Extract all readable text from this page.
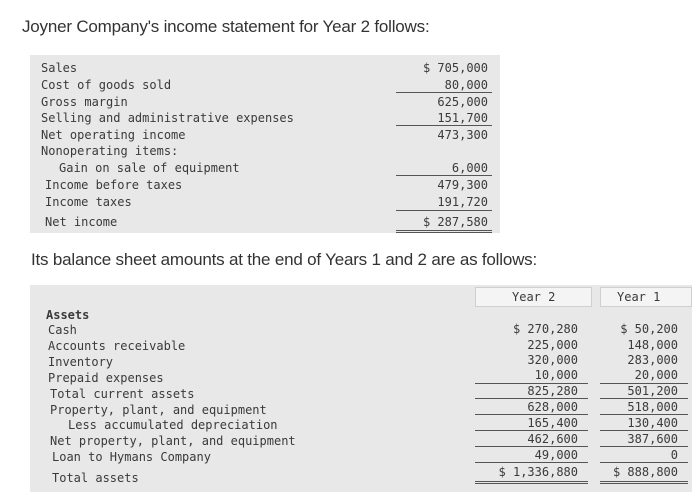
Joyner Company's income statement for Year 2 follows:
Sales
Cost of goods sold
Gross margin
Selling and administrative expenses
Net operating income
Nonoperating items:
Gain on sale of equipment
Income before taxes
Income taxes
Net income
$ 705,000
80,000
625,000
151,700
473,300
6,000
479,300
191,720
$ 287,580
Its balance sheet amounts at the end of Years 1 and 2 are as follows:
Year 2	Year 1
Assets
Cash
Accounts receivable
Inventory
Prepaid expenses
Total current assets
Property, plant, and equipment
Less accumulated depreciation
Net property, plant, and equipment
Loan to Hymans Company
Total assets
$ 270,280
225,000
320,000
10,000
825,280
628,000
165,400
462,600
49,000
$ 1,336,880
$ 50,200
148,000
283,000
20,000
501,200
518,000
130,400
387,600
0
$ 888,800
